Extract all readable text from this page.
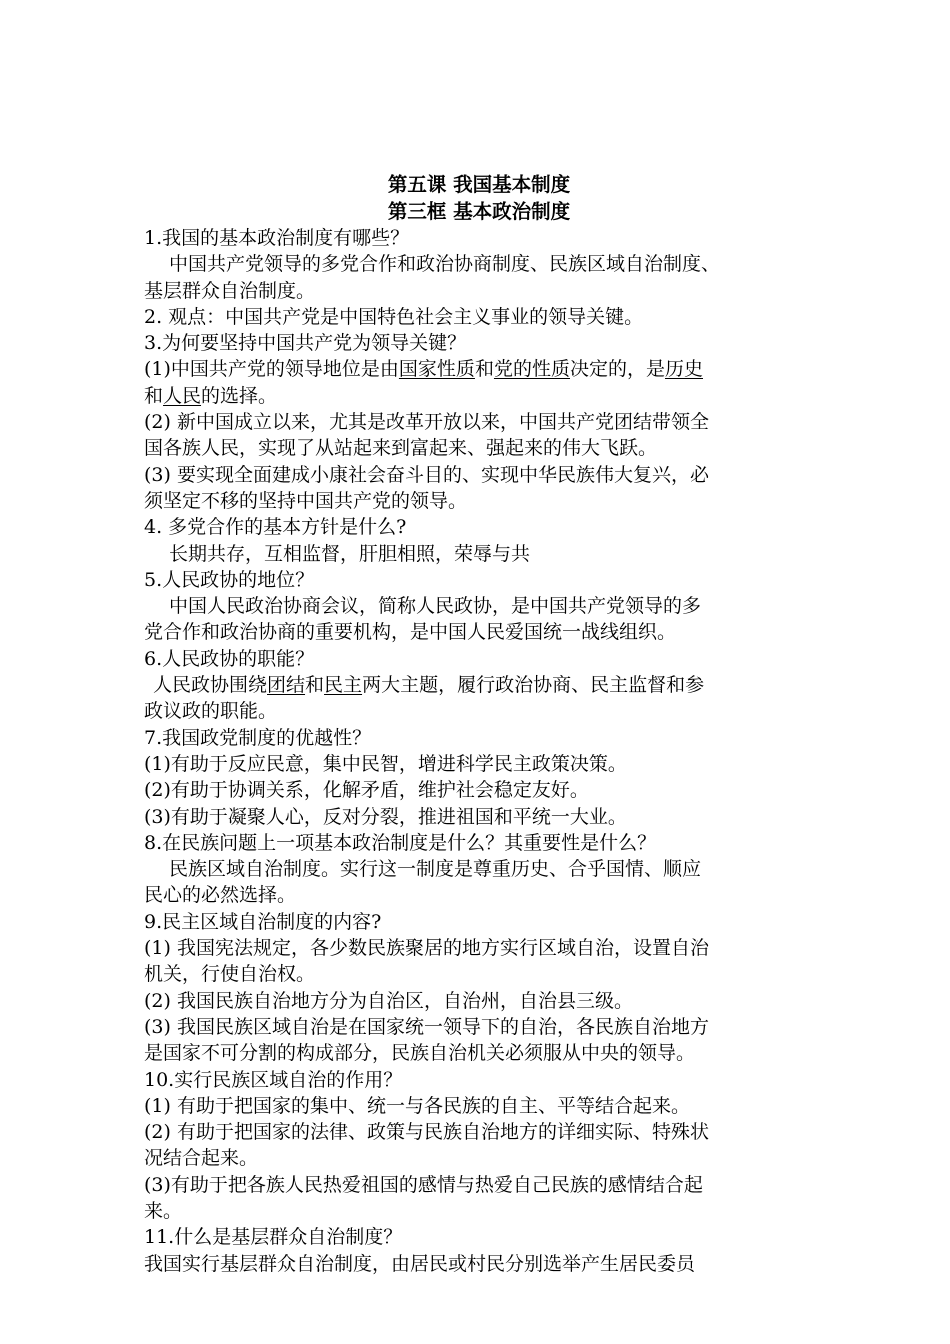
第五课 我国基本制度
第三框 基本政治制度
1.我国的基本政治制度有哪些？
中国共产党领导的多党合作和政治协商制度、民族区域自治制度、
基层群众自治制度。
2. 观点：中国共产党是中国特色社会主义事业的领导关键。
3.为何要坚持中国共产党为领导关键？
(1)中国共产党的领导地位是由国家性质和党的性质决定的，是历史
和人民的选择。
(2) 新中国成立以来，尤其是改革开放以来，中国共产党团结带领全
国各族人民，实现了从站起来到富起来、强起来的伟大飞跃。
(3) 要实现全面建成小康社会奋斗目的、实现中华民族伟大复兴，必
须坚定不移的坚持中国共产党的领导。
4. 多党合作的基本方针是什么?
长期共存，互相监督，肝胆相照，荣辱与共
5.人民政协的地位？
中国人民政治协商会议，简称人民政协，是中国共产党领导的多
党合作和政治协商的重要机构，是中国人民爱国统一战线组织。
6.人民政协的职能？
人民政协围绕团结和民主两大主题，履行政治协商、民主监督和参
政议政的职能。
7.我国政党制度的优越性？
(1)有助于反应民意，集中民智，增进科学民主政策决策。
(2)有助于协调关系，化解矛盾，维护社会稳定友好。
(3)有助于凝聚人心，反对分裂，推进祖国和平统一大业。
8.在民族问题上一项基本政治制度是什么？其重要性是什么？
民族区域自治制度。实行这一制度是尊重历史、合乎国情、顺应
民心的必然选择。
9.民主区域自治制度的内容?
(1) 我国宪法规定，各少数民族聚居的地方实行区域自治，设置自治
机关，行使自治权。
(2) 我国民族自治地方分为自治区，自治州，自治县三级。
(3) 我国民族区域自治是在国家统一领导下的自治，各民族自治地方
是国家不可分割的构成部分，民族自治机关必须服从中央的领导。
10.实行民族区域自治的作用？
(1) 有助于把国家的集中、统一与各民族的自主、平等结合起来。
(2) 有助于把国家的法律、政策与民族自治地方的详细实际、特殊状
况结合起来。
(3)有助于把各族人民热爱祖国的感情与热爱自己民族的感情结合起
来。
11.什么是基层群众自治制度？
我国实行基层群众自治制度，由居民或村民分别选举产生居民委员
